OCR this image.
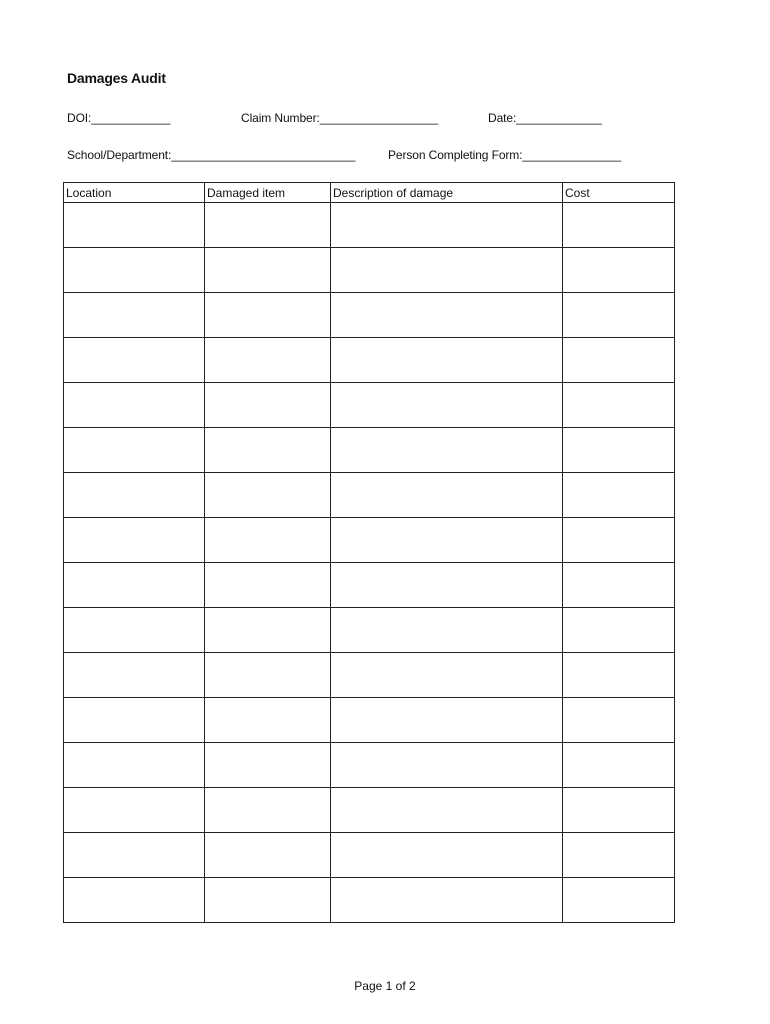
Damages Audit
DOI:____________	Claim Number:__________________	Date:_____________
School/Department:____________________________	Person Completing Form:_______________
Location	Damaged item	Description of damage	Cost

Page 1 of 2
